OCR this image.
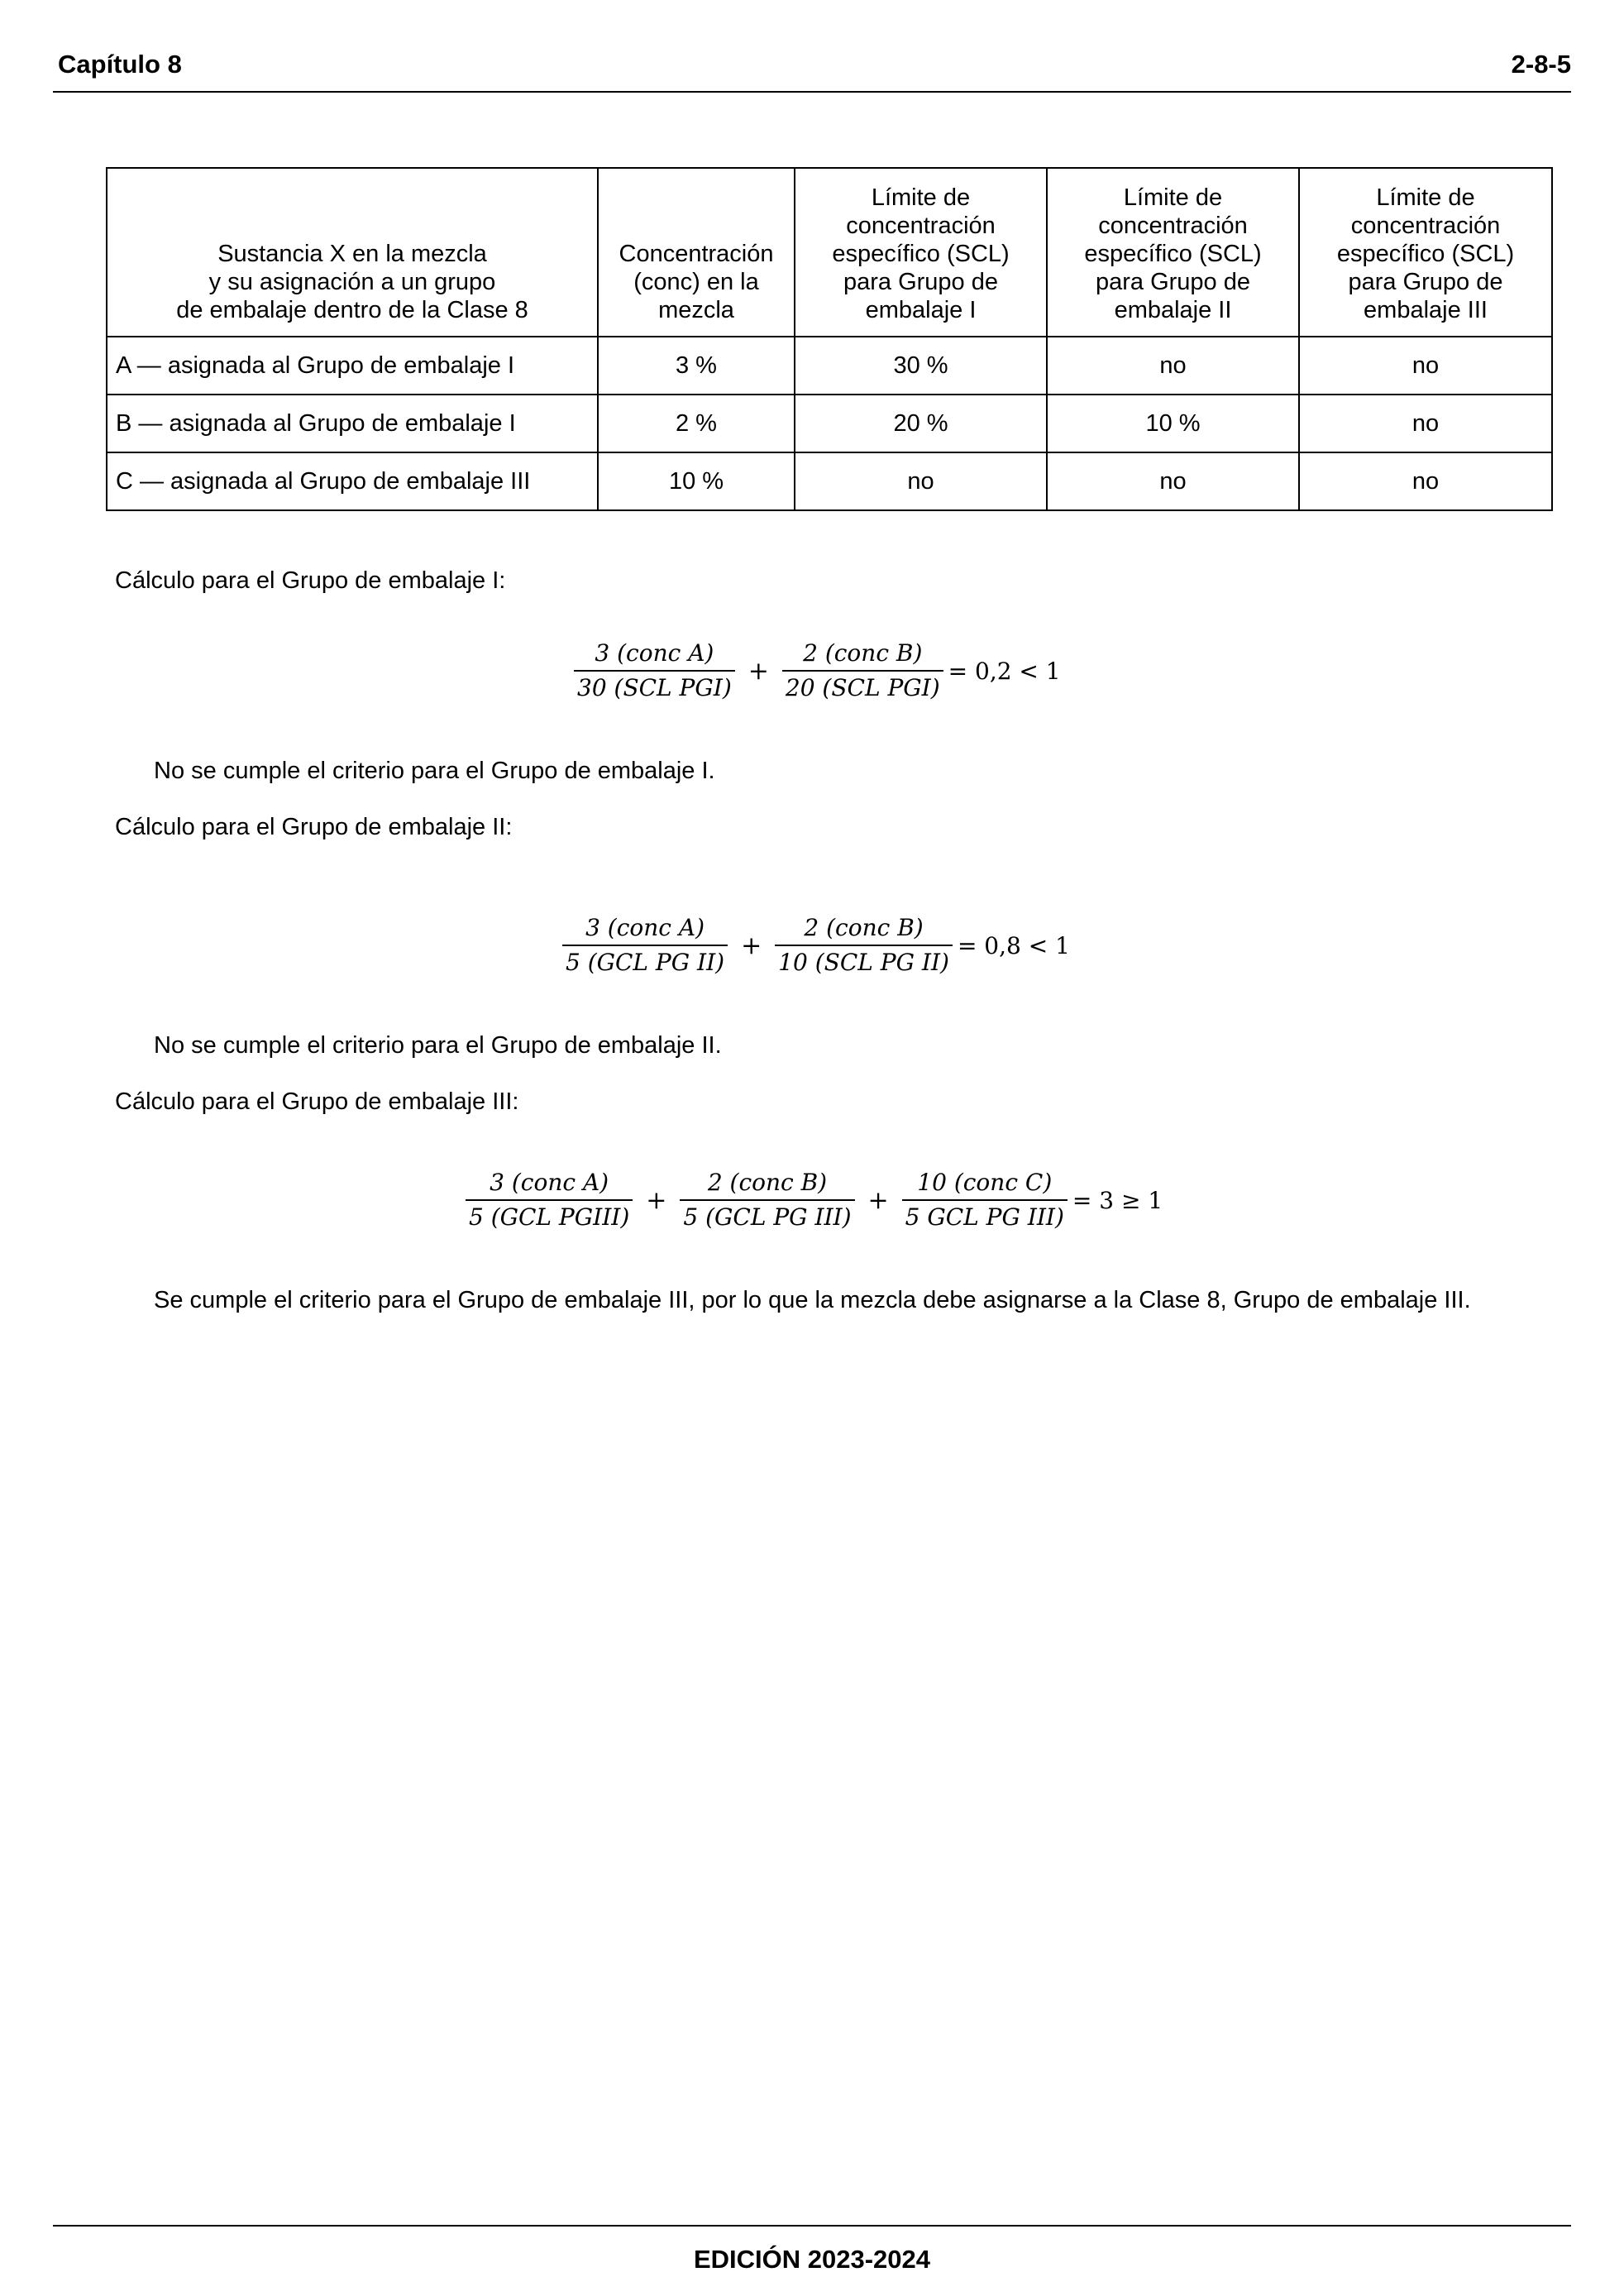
Capítulo 8	2-8-5
Sustancia X en la mezcla
y su asignación a un grupo
de embalaje dentro de la Clase 8	Concentración
(conc) en la
mezcla	Límite de
concentración
específico (SCL)
para Grupo de
embalaje I	Límite de
concentración
específico (SCL)
para Grupo de
embalaje II	Límite de
concentración
específico (SCL)
para Grupo de
embalaje III
A — asignada al Grupo de embalaje I	3 %	30 %	no	no
B — asignada al Grupo de embalaje I	2 %	20 %	10 %	no
C — asignada al Grupo de embalaje III	10 %	no	no	no
Cálculo para el Grupo de embalaje I:
$\frac{\text{3 (conc A)}}{\text{30 (SCL PGI)}} + \frac{\text{2 (conc B)}}{\text{20 (SCL PGI)}} = 0,2 < 1$
No se cumple el criterio para el Grupo de embalaje I.
Cálculo para el Grupo de embalaje II:
$\frac{\text{3 (conc A)}}{\text{5 (GCL PG II)}} + \frac{\text{2 (conc B)}}{\text{10 (SCL PG II)}} = 0,8 < 1$
No se cumple el criterio para el Grupo de embalaje II.
Cálculo para el Grupo de embalaje III:
$\frac{\text{3 (conc A)}}{\text{5 (GCL PGIII)}} + \frac{\text{2 (conc B)}}{\text{5 (GCL PG III)}} + \frac{\text{10 (conc C)}}{\text{5 GCL PG III)}} = 3 \ge 1$
Se cumple el criterio para el Grupo de embalaje III, por lo que la mezcla debe asignarse a la Clase 8, Grupo de embalaje III.
EDICIÓN 2023-2024
